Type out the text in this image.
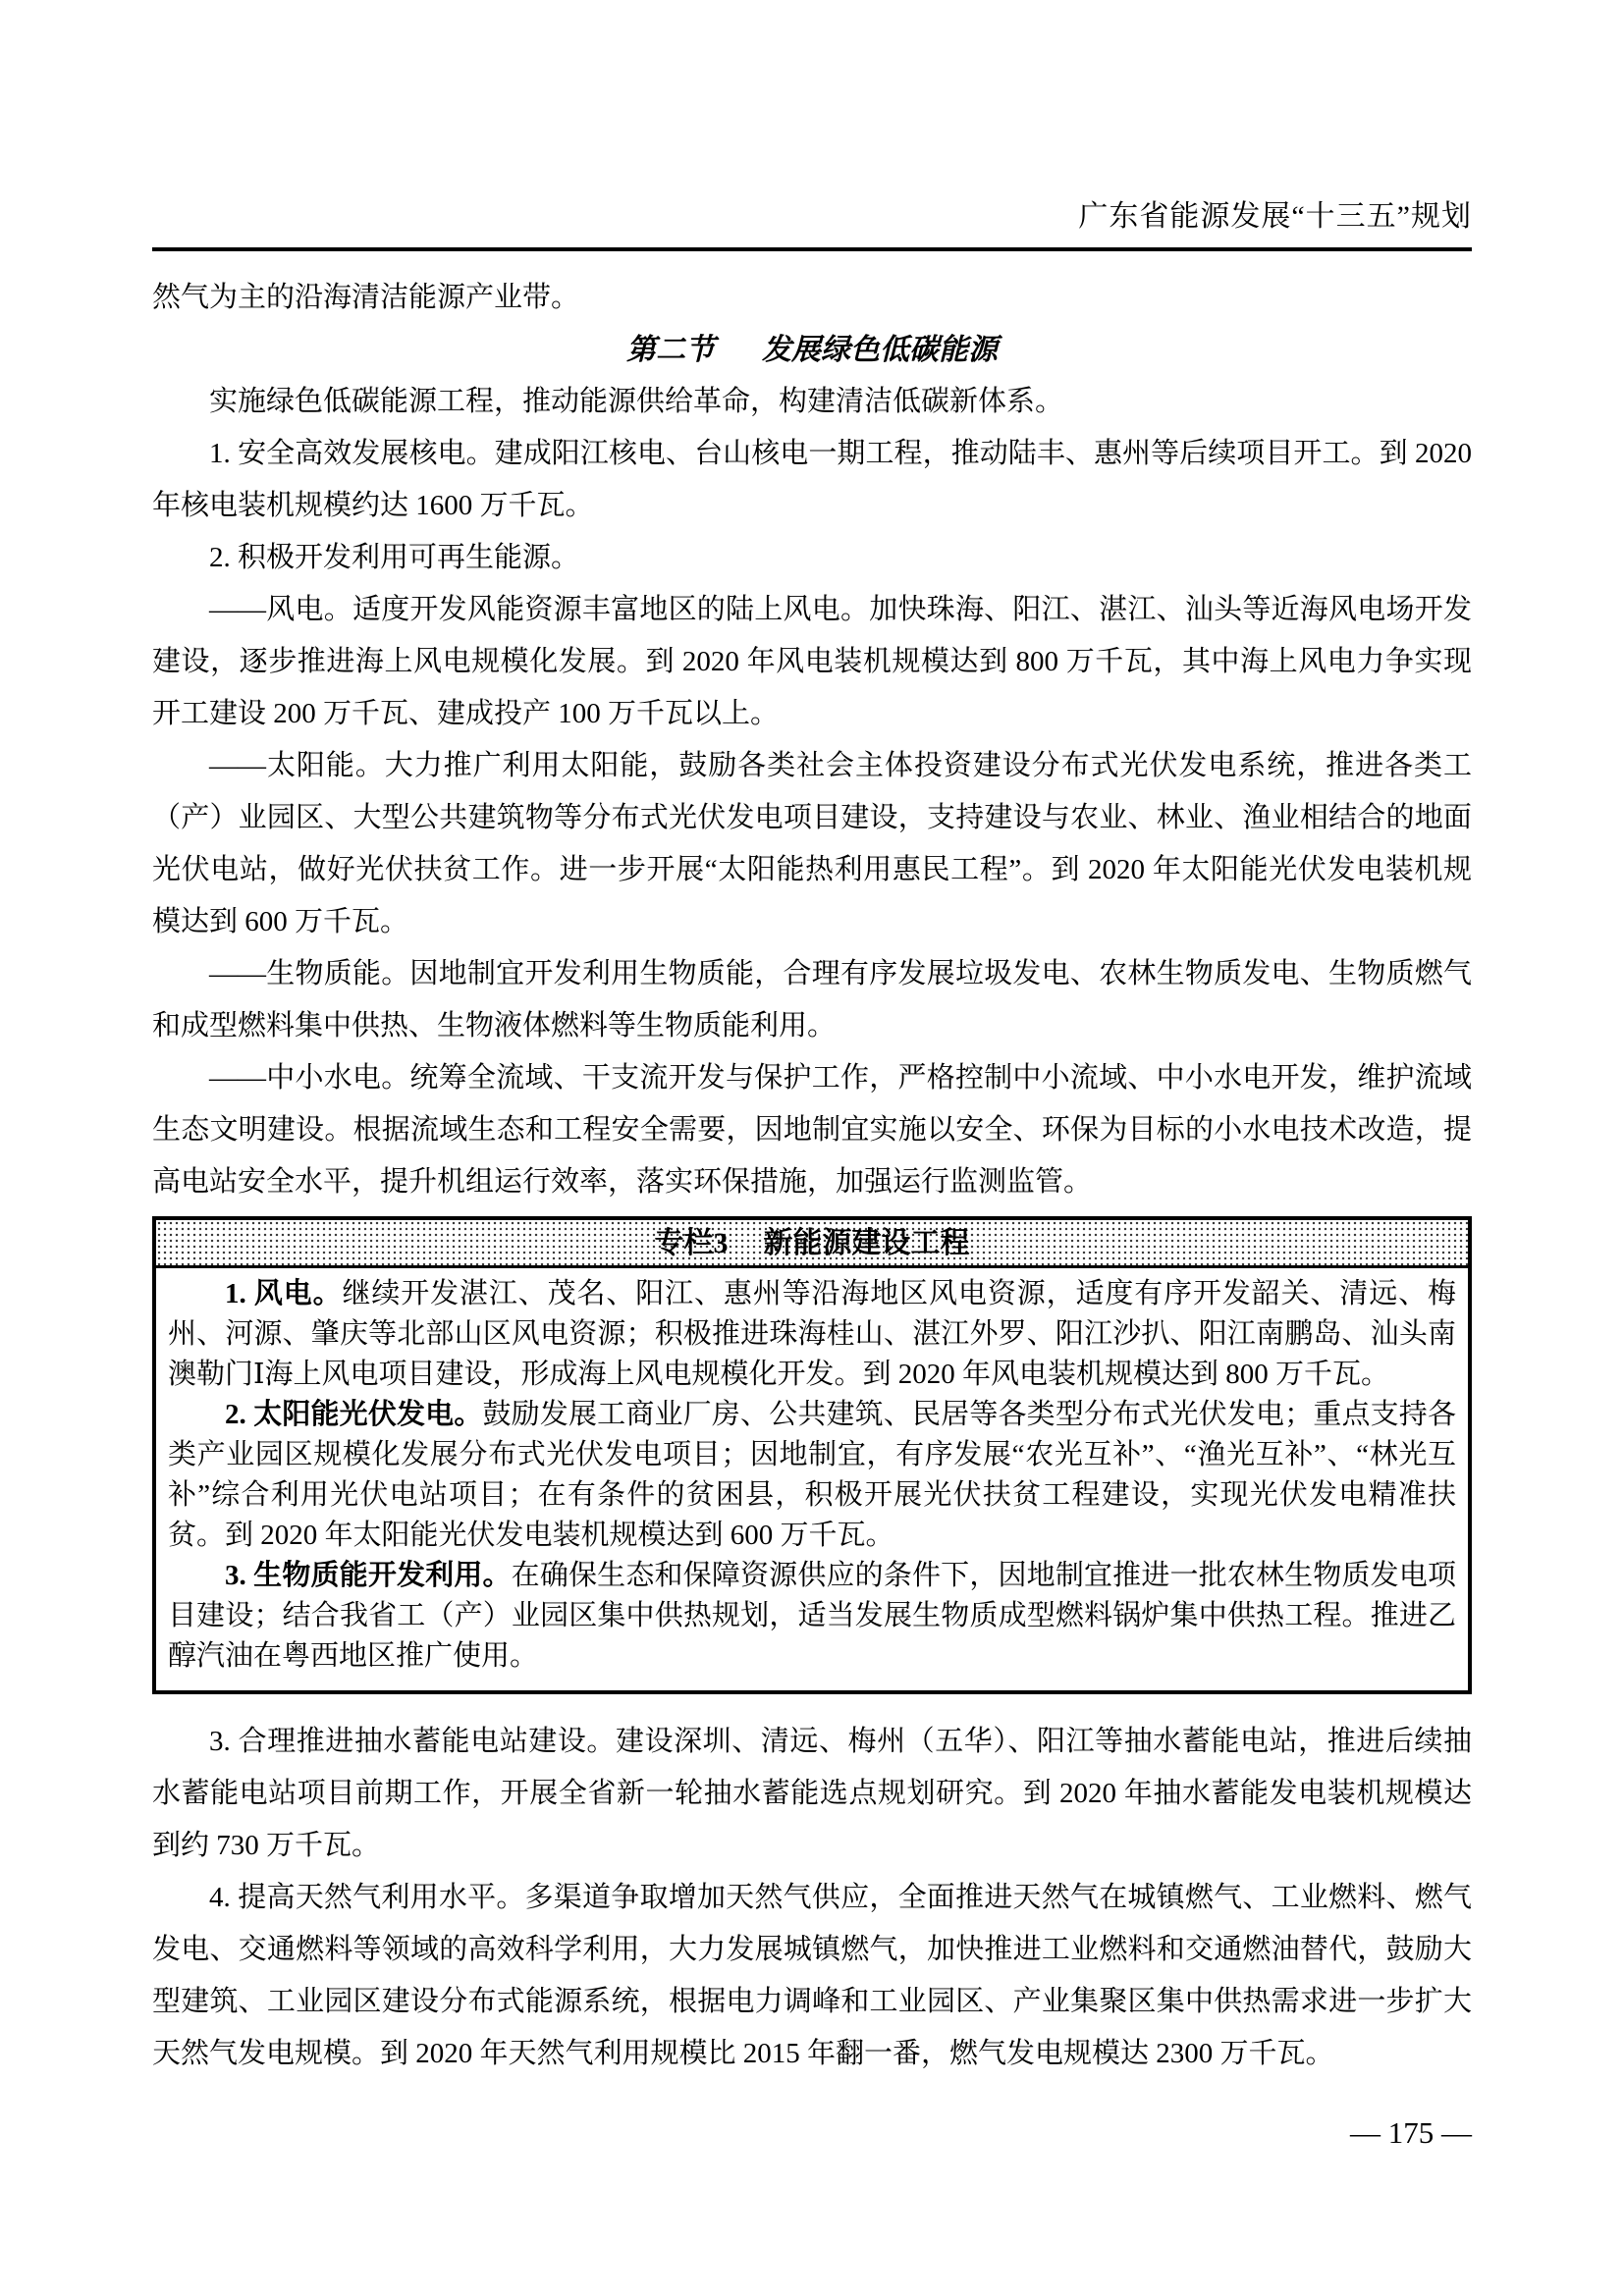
广东省能源发展“十三五”规划

然气为主的沿海清洁能源产业带。

第二节 发展绿色低碳能源

实施绿色低碳能源工程，推动能源供给革命，构建清洁低碳新体系。

1. 安全高效发展核电。建成阳江核电、台山核电一期工程，推动陆丰、惠州等后续项目开工。到 2020 年核电装机规模约达 1600 万千瓦。

2. 积极开发利用可再生能源。

——风电。适度开发风能资源丰富地区的陆上风电。加快珠海、阳江、湛江、汕头等近海风电场开发建设，逐步推进海上风电规模化发展。到 2020 年风电装机规模达到 800 万千瓦，其中海上风电力争实现开工建设 200 万千瓦、建成投产 100 万千瓦以上。

——太阳能。大力推广利用太阳能，鼓励各类社会主体投资建设分布式光伏发电系统，推进各类工（产）业园区、大型公共建筑物等分布式光伏发电项目建设，支持建设与农业、林业、渔业相结合的地面光伏电站，做好光伏扶贫工作。进一步开展“太阳能热利用惠民工程”。到 2020 年太阳能光伏发电装机规模达到 600 万千瓦。

——生物质能。因地制宜开发利用生物质能，合理有序发展垃圾发电、农林生物质发电、生物质燃气和成型燃料集中供热、生物液体燃料等生物质能利用。

——中小水电。统筹全流域、干支流开发与保护工作，严格控制中小流域、中小水电开发，维护流域生态文明建设。根据流域生态和工程安全需要，因地制宜实施以安全、环保为目标的小水电技术改造，提高电站安全水平，提升机组运行效率，落实环保措施，加强运行监测监管。

专栏3 新能源建设工程

1. 风电。继续开发湛江、茂名、阳江、惠州等沿海地区风电资源，适度有序开发韶关、清远、梅州、河源、肇庆等北部山区风电资源；积极推进珠海桂山、湛江外罗、阳江沙扒、阳江南鹏岛、汕头南澳勒门Ⅰ海上风电项目建设，形成海上风电规模化开发。到 2020 年风电装机规模达到 800 万千瓦。

2. 太阳能光伏发电。鼓励发展工商业厂房、公共建筑、民居等各类型分布式光伏发电；重点支持各类产业园区规模化发展分布式光伏发电项目；因地制宜，有序发展“农光互补”、“渔光互补”、“林光互补”综合利用光伏电站项目；在有条件的贫困县，积极开展光伏扶贫工程建设，实现光伏发电精准扶贫。到 2020 年太阳能光伏发电装机规模达到 600 万千瓦。

3. 生物质能开发利用。在确保生态和保障资源供应的条件下，因地制宜推进一批农林生物质发电项目建设；结合我省工（产）业园区集中供热规划，适当发展生物质成型燃料锅炉集中供热工程。推进乙醇汽油在粤西地区推广使用。

3. 合理推进抽水蓄能电站建设。建设深圳、清远、梅州（五华）、阳江等抽水蓄能电站，推进后续抽水蓄能电站项目前期工作，开展全省新一轮抽水蓄能选点规划研究。到 2020 年抽水蓄能发电装机规模达到约 730 万千瓦。

4. 提高天然气利用水平。多渠道争取增加天然气供应，全面推进天然气在城镇燃气、工业燃料、燃气发电、交通燃料等领域的高效科学利用，大力发展城镇燃气，加快推进工业燃料和交通燃油替代，鼓励大型建筑、工业园区建设分布式能源系统，根据电力调峰和工业园区、产业集聚区集中供热需求进一步扩大天然气发电规模。到 2020 年天然气利用规模比 2015 年翻一番，燃气发电规模达 2300 万千瓦。

— 175 —
